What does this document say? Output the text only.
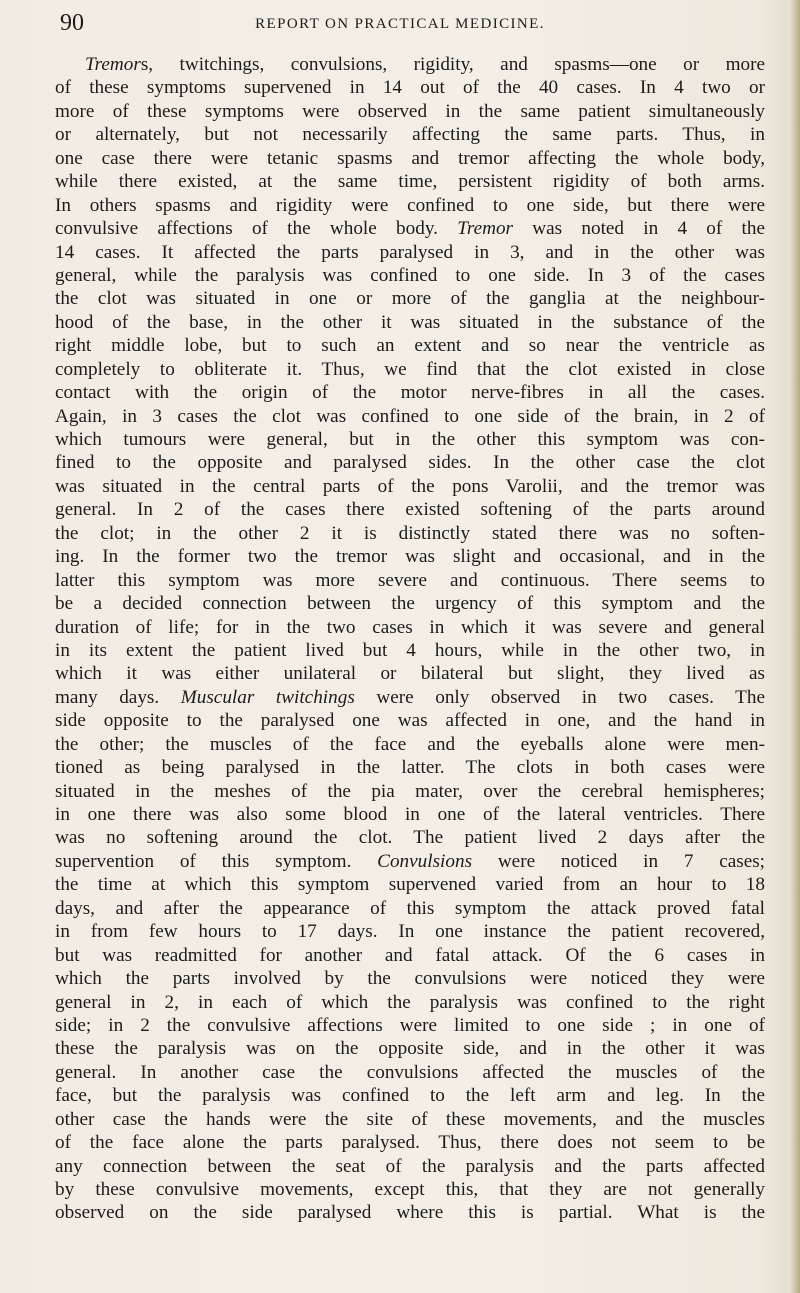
90	REPORT ON PRACTICAL MEDICINE.
Tremors, twitchings, convulsions, rigidity, and spasms—one or more
of these symptoms supervened in 14 out of the 40 cases. In 4 two or
more of these symptoms were observed in the same patient simultaneously
or alternately, but not necessarily affecting the same parts. Thus, in
one case there were tetanic spasms and tremor affecting the whole body,
while there existed, at the same time, persistent rigidity of both arms.
In others spasms and rigidity were confined to one side, but there were
convulsive affections of the whole body. Tremor was noted in 4 of the
14 cases. It affected the parts paralysed in 3, and in the other was
general, while the paralysis was confined to one side. In 3 of the cases
the clot was situated in one or more of the ganglia at the neighbour-
hood of the base, in the other it was situated in the substance of the
right middle lobe, but to such an extent and so near the ventricle as
completely to obliterate it. Thus, we find that the clot existed in close
contact with the origin of the motor nerve-fibres in all the cases.
Again, in 3 cases the clot was confined to one side of the brain, in 2 of
which tumours were general, but in the other this symptom was con-
fined to the opposite and paralysed sides. In the other case the clot
was situated in the central parts of the pons Varolii, and the tremor was
general. In 2 of the cases there existed softening of the parts around
the clot; in the other 2 it is distinctly stated there was no soften-
ing. In the former two the tremor was slight and occasional, and in the
latter this symptom was more severe and continuous. There seems to
be a decided connection between the urgency of this symptom and the
duration of life; for in the two cases in which it was severe and general
in its extent the patient lived but 4 hours, while in the other two, in
which it was either unilateral or bilateral but slight, they lived as
many days. Muscular twitchings were only observed in two cases. The
side opposite to the paralysed one was affected in one, and the hand in
the other; the muscles of the face and the eyeballs alone were men-
tioned as being paralysed in the latter. The clots in both cases were
situated in the meshes of the pia mater, over the cerebral hemispheres;
in one there was also some blood in one of the lateral ventricles. There
was no softening around the clot. The patient lived 2 days after the
supervention of this symptom. Convulsions were noticed in 7 cases;
the time at which this symptom supervened varied from an hour to 18
days, and after the appearance of this symptom the attack proved fatal
in from few hours to 17 days. In one instance the patient recovered,
but was readmitted for another and fatal attack. Of the 6 cases in
which the parts involved by the convulsions were noticed they were
general in 2, in each of which the paralysis was confined to the right
side; in 2 the convulsive affections were limited to one side ; in one of
these the paralysis was on the opposite side, and in the other it was
general. In another case the convulsions affected the muscles of the
face, but the paralysis was confined to the left arm and leg. In the
other case the hands were the site of these movements, and the muscles
of the face alone the parts paralysed. Thus, there does not seem to be
any connection between the seat of the paralysis and the parts affected
by these convulsive movements, except this, that they are not generally
observed on the side paralysed where this is partial. What is the
